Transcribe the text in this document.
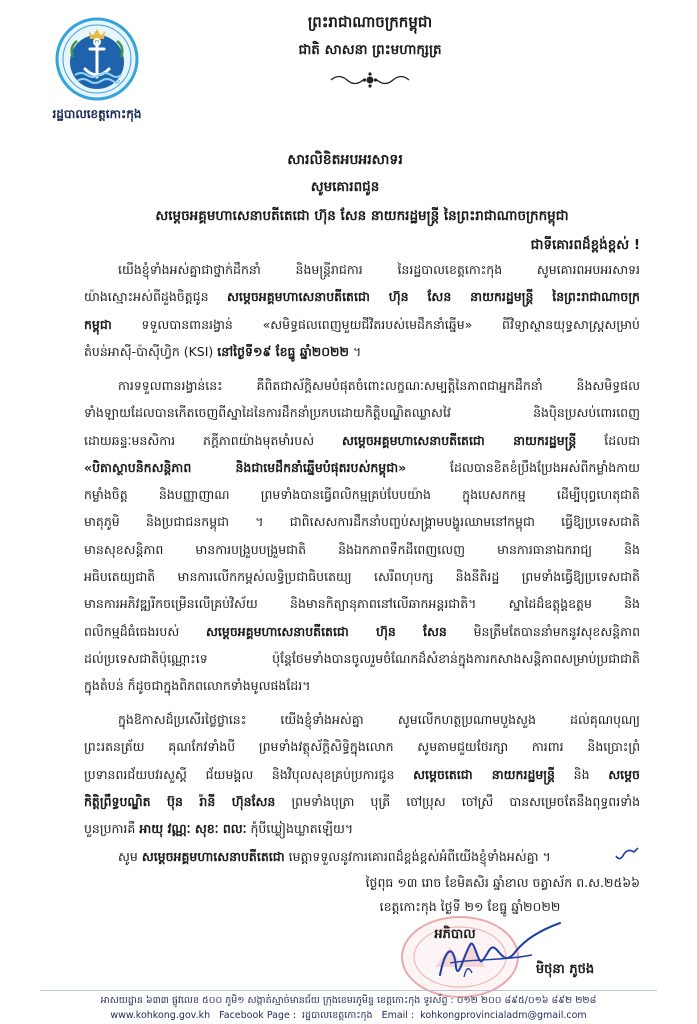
រដ្ឋបាលខេត្តកោះកុង
ព្រះរាជាណាចក្រកម្ពុជា
ជាតិ សាសនា ព្រះមហាក្សត្រ
សារលិខិតអបអរសាទរ
សូមគោរពជូន
សម្តេចអគ្គមហាសេនាបតីតេជោ ហ៊ុន សែន នាយករដ្ឋមន្ត្រី នៃព្រះរាជាណាចក្រកម្ពុជា
ជាទីគោរពដ៏ខ្ពង់ខ្ពស់ !
យើងខ្ញុំទាំងអស់គ្នាជាថ្នាក់ដឹកនាំ និងមន្ត្រីរាជការ នៃរដ្ឋបាលខេត្តកោះកុង សូមគោរពអបអរសាទរ
យ៉ាងស្មោះអស់ពីដួងចិត្តជូន សម្តេចអគ្គមហាសេនាបតីតេជោ ហ៊ុន សែន នាយករដ្ឋមន្ត្រី នៃព្រះរាជាណាចក្រ
កម្ពុជា ទទួលបានពានរង្វាន់ «សមិទ្ធផលពេញមួយជីវិតរបស់មេដឹកនាំឆ្នើម» ពីវិទ្យាស្ថានយុទ្ធសាស្ត្រសម្រាប់
តំបន់អាស៊ី-ប៉ាស៊ីហ្វិក (KSI) នៅថ្ងៃទី១៩ ខែធ្នូ ឆ្នាំ២០២២ ។
ការទទួលពានរង្វាន់នេះ គឺពិតជាស័ក្តិសមបំផុតចំពោះលក្ខណៈសម្បត្តិនៃភាពជាអ្នកដឹកនាំ និងសមិទ្ធផល
ទាំងឡាយដែលបានកើតចេញពីស្នាដៃនៃការដឹកនាំប្រកបដោយកិត្តិបណ្ឌិតឈ្លាសវៃ និងប៉ិនប្រសប់ពោរពេញ
ដោយឆន្ទៈមនសិការ ភក្តីភាពយ៉ាងមុតមាំរបស់ សម្តេចអគ្គមហាសេនាបតីតេជោ នាយករដ្ឋមន្ត្រី ដែលជា
«បិតាស្ថាបនិកសន្តិភាព និងជាមេដឹកនាំឆ្នើមបំផុតរបស់កម្ពុជា» ដែលបានខិតខំប្រឹងប្រែងអស់ពីកម្លាំងកាយ
កម្លាំងចិត្ត និងបញ្ញាញាណ ព្រមទាំងបានធ្វើពលិកម្មគ្រប់បែបយ៉ាង ក្នុងបេសកកម្ម ដើម្បីបុព្វហេតុជាតិ
មាតុភូមិ និងប្រជាជនកម្ពុជា ។ ជាពិសេសការដឹកនាំបញ្ចប់សង្គ្រាមបង្ហូរឈាមនៅកម្ពុជា ធ្វើឱ្យប្រទេសជាតិ
មានសុខសន្តិភាព មានការបង្រួបបង្រួមជាតិ និងឯកភាពទឹកដីពេញលេញ មានការធានាឯករាជ្យ និង
អធិបតេយ្យជាតិ មានការលើកកម្ពស់លទ្ធិប្រជាធិបតេយ្យ សេរីពហុបក្ស និងនីតិរដ្ឋ ព្រមទាំងធ្វើឱ្យប្រទេសជាតិ
មានការអភិវឌ្ឍរីកចម្រើនលើគ្រប់វិស័យ និងមានកិត្យានុភាពនៅលើឆាកអន្តរជាតិ។ ស្នាដៃដ៏ឧត្តុង្គឧត្តម និង
ពលិកម្មដ៏ធំធេងរបស់ សម្តេចអគ្គមហាសេនាបតីតេជោ ហ៊ុន សែន មិនត្រឹមតែបាននាំមកនូវសុខសន្តិភាព
ដល់ប្រទេសជាតិប៉ុណ្ណោះទេ ប៉ុន្តែថែមទាំងបានចូលរួមចំណែកដ៏សំខាន់ក្នុងការកសាងសន្តិភាពសម្រាប់ប្រជាជាតិ
ក្នុងតំបន់ ក៏ដូចជាក្នុងពិភពលោកទាំងមូលផងដែរ។
ក្នុងឱកាសដ៏ប្រសើរថ្លៃថ្លានេះ យើងខ្ញុំទាំងអស់គ្នា សូមលើកហត្ថប្រណាមបួងសួង ដល់គុណបុណ្យ
ព្រះរតនត្រ័យ គុណកែវទាំងបី ព្រមទាំងវត្ថុស័ក្តិសិទ្ធិក្នុងលោក សូមតាមជួយថែរក្សា ការពារ និងប្រោះព្រំ
ប្រទានពរជ័យបវរសួស្តី ជ័យមង្គល និងវិបុលសុខគ្រប់ប្រការជូន សម្តេចតេជោ នាយករដ្ឋមន្ត្រី និង សម្តេច
កិត្តិព្រឹទ្ធបណ្ឌិត ប៊ុន រ៉ានី ហ៊ុនសែន ព្រមទាំងបុត្រា បុត្រី ចៅប្រុស ចៅស្រី បានសម្រេចតែនឹងពុទ្ធពរទាំង
បួនប្រការគឺ អាយុ វណ្ណៈ សុខៈ ពលៈ កុំបីឃ្លៀងឃ្លាតឡើយ។
សូម សម្តេចអគ្គមហាសេនាបតីតេជោ មេត្តាទទួលនូវការគោរពដ៏ខ្ពង់ខ្ពស់អំពីយើងខ្ញុំទាំងអស់គ្នា ។
ថ្ងៃពុធ ១៣ រោច ខែមិគសិរ ឆ្នាំខាល ចត្វាស័ក ព.ស.២៥៦៦
ខេត្តកោះកុង ថ្ងៃទី ២១ ខែធ្នូ ឆ្នាំ២០២២
អភិបាល
មិថុនា ភូថង
អាសយដ្ឋាន ៦៣៣ ផ្លូវលេខ ៥០០ ភូមិ១ សង្កាត់ស្មាច់មានជ័យ ក្រុងខេមរភូមិន្ទ ខេត្តកោះកុង ទូរស័ព្ទ : ០១២ ២០០ ៨៩៥/០១៦ ៨៩២ ២២៨
www.kohkong.gov.kh Facebook Page : រដ្ឋបាលខេត្តកោះកុង Email : kohkongprovincialadm@gmail.com
